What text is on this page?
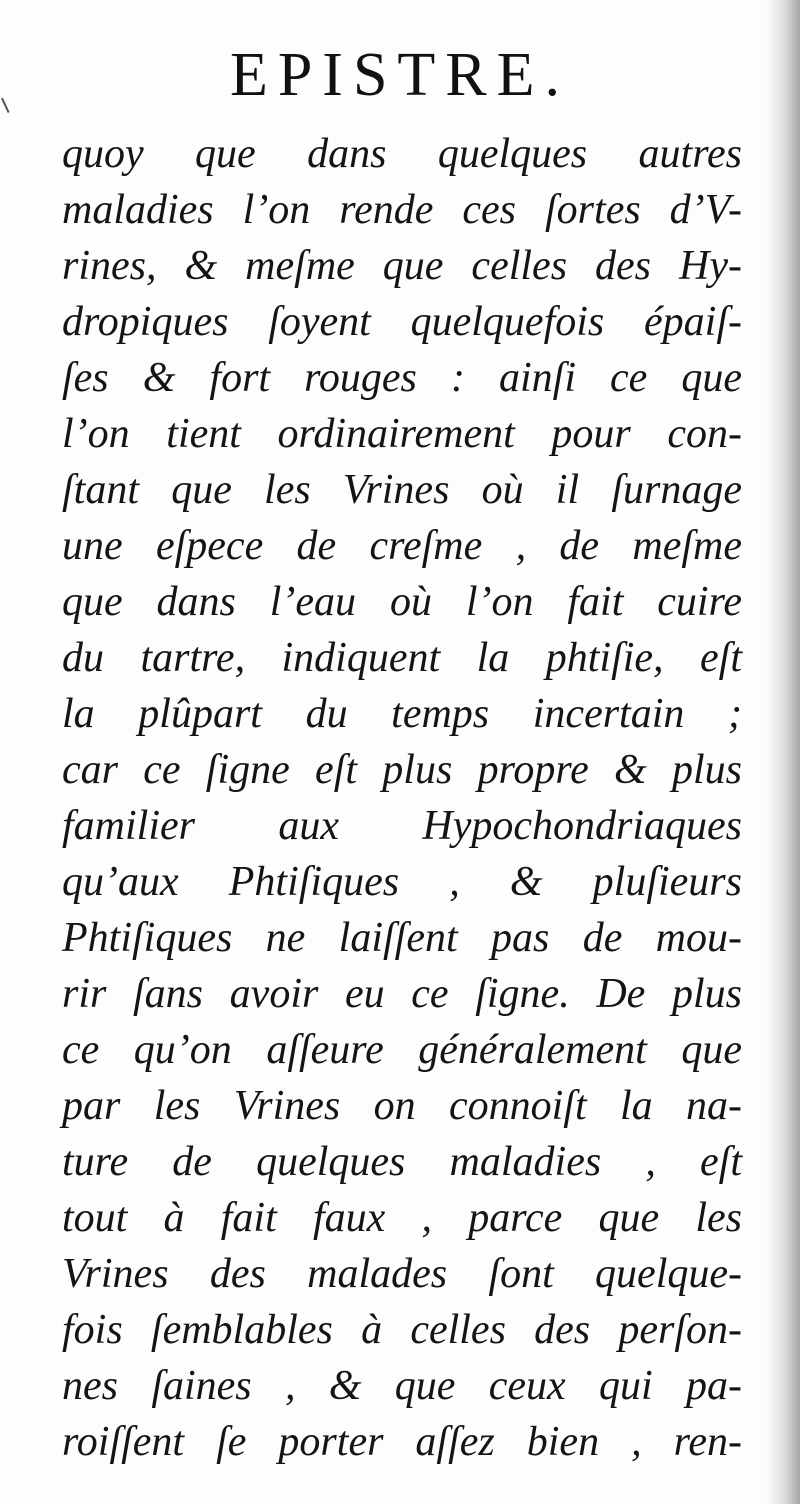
EPISTRE.
quoy que dans quelques autres
maladies l’on rende ces ſortes d’V-
rines, & meſme que celles des Hy-
dropiques ſoyent quelquefois épaiſ-
ſes & fort rouges : ainſi ce que
l’on tient ordinairement pour con-
ſtant que les Vrines où il ſurnage
une eſpece de creſme , de meſme
que dans l’eau où l’on fait cuire
du tartre, indiquent la phtiſie, eſt
la plûpart du temps incertain ;
car ce ſigne eſt plus propre & plus
familier aux Hypochondriaques
qu’aux Phtiſiques , & pluſieurs
Phtiſiques ne laiſſent pas de mou-
rir ſans avoir eu ce ſigne. De plus
ce qu’on aſſeure généralement que
par les Vrines on connoiſt la na-
ture de quelques maladies , eſt
tout à fait faux , parce que les
Vrines des malades ſont quelque-
fois ſemblables à celles des perſon-
nes ſaines , & que ceux qui pa-
roiſſent ſe porter aſſez bien , ren-
